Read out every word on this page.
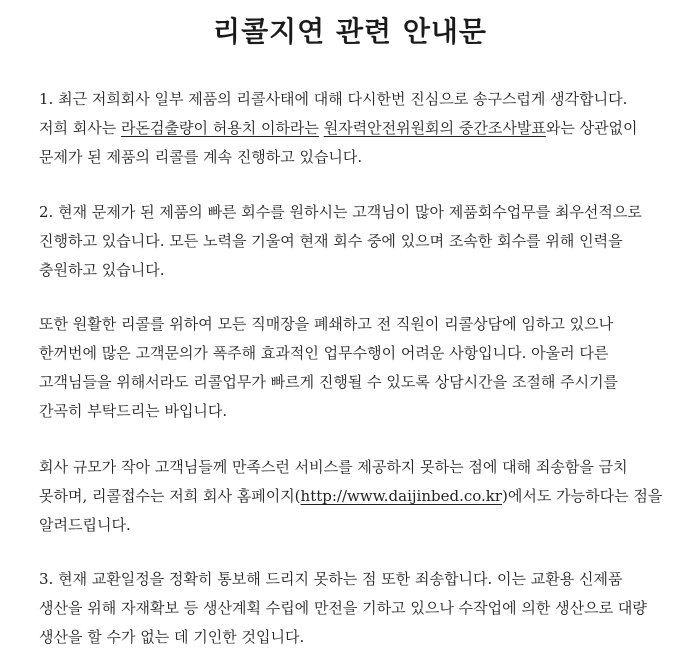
리콜지연 관련 안내문

1. 최근 저희회사 일부 제품의 리콜사태에 대해 다시한번 진심으로 송구스럽게 생각합니다.
저희 회사는 라돈검출량이 허용치 이하라는 원자력안전위원회의 중간조사발표와는 상관없이
문제가 된 제품의 리콜를 계속 진행하고 있습니다.

2. 현재 문제가 된 제품의 빠른 회수를 원하시는 고객님이 많아 제품회수업무를 최우선적으로
진행하고 있습니다. 모든 노력을 기울여 현재 회수 중에 있으며 조속한 회수를 위해 인력을
충원하고 있습니다.

또한 원활한 리콜를 위하여 모든 직매장을 폐쇄하고 전 직원이 리콜상담에 임하고 있으나
한꺼번에 많은 고객문의가 폭주해 효과적인 업무수행이 어려운 사항입니다. 아울러 다른
고객님들을 위해서라도 리콜업무가 빠르게 진행될 수 있도록 상담시간을 조절해 주시기를
간곡히 부탁드리는 바입니다.

회사 규모가 작아 고객님들께 만족스런 서비스를 제공하지 못하는 점에 대해 죄송함을 금치
못하며, 리콜접수는 저희 회사 홈페이지(http://www.daijinbed.co.kr)에서도 가능하다는 점을
알려드립니다.

3. 현재 교환일정을 정확히 통보해 드리지 못하는 점 또한 죄송합니다. 이는 교환용 신제품
생산을 위해 자재확보 등 생산계획 수립에 만전을 기하고 있으나 수작업에 의한 생산으로 대량
생산을 할 수가 없는 데 기인한 것입니다.
